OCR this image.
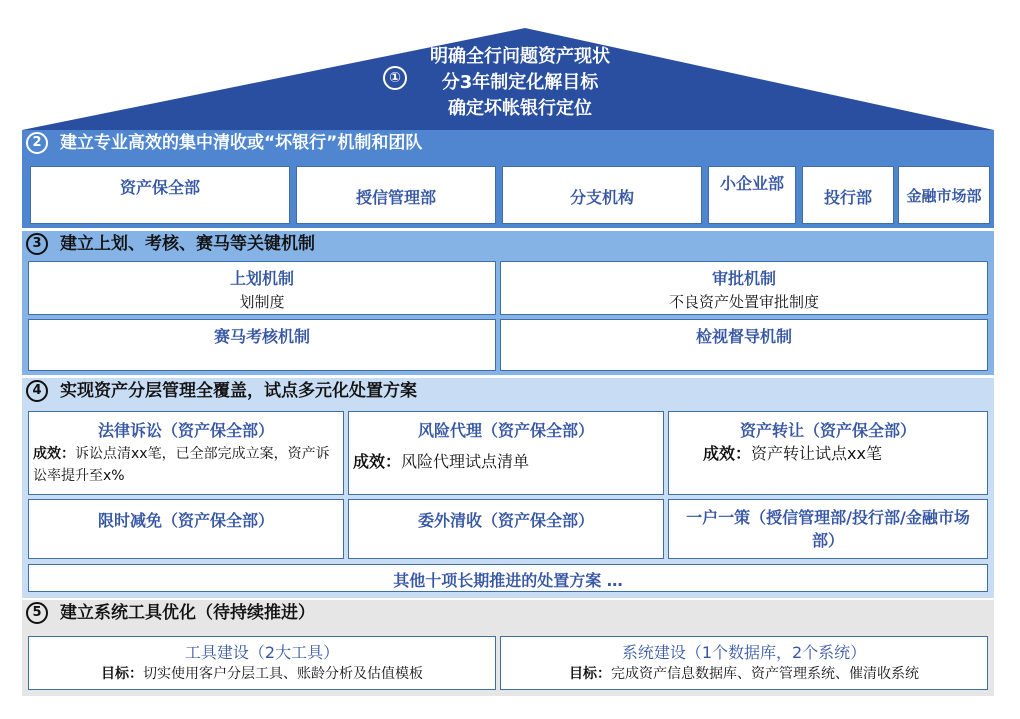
①
明确全行问题资产现状
分3年制定化解目标
确定坏帐银行定位
2 建立专业高效的集中清收或“坏银行”机制和团队
资产保全部
授信管理部	分支机构
小企业部
投行部	金融市场部
3 建立上划、考核、赛马等关键机制
上划机制
划制度
审批机制
不良资产处置审批制度
赛马考核机制	检视督导机制
4 实现资产分层管理全覆盖，试点多元化处置方案
法律诉讼（资产保全部）
成效：诉讼点清xx笔，已全部完成立案，资产诉讼率提升至x%
风险代理（资产保全部）
成效：风险代理试点清单
资产转让（资产保全部）
成效：资产转让试点xx笔
限时减免（资产保全部）	委外清收（资产保全部）	一户一策（授信管理部/投行部/金融市场部）
其他十项长期推进的处置方案 …
5 建立系统工具优化（待持续推进）
工具建设（2大工具）
目标：切实使用客户分层工具、账龄分析及估值模板
系统建设（1个数据库，2个系统）
目标：完成资产信息数据库、资产管理系统、催清收系统
